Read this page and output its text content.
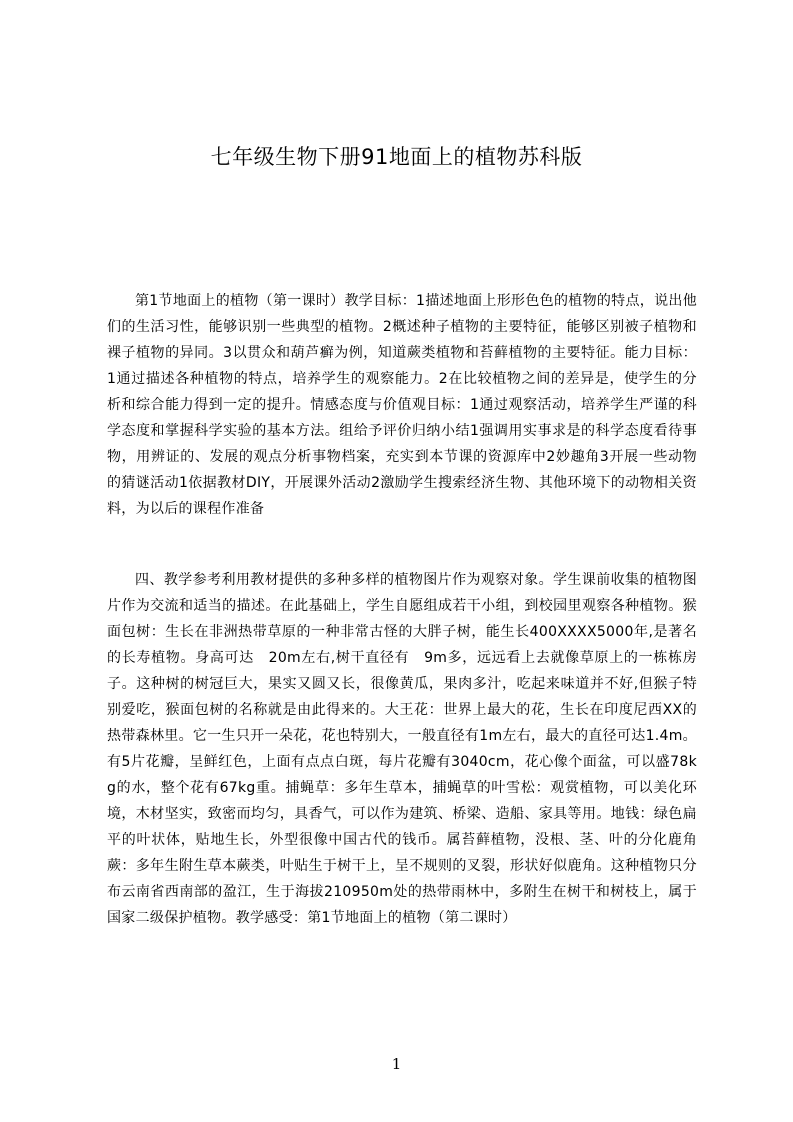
七年级生物下册91地面上的植物苏科版

第1节地面上的植物（第一课时）教学目标：1描述地面上形形色色的植物的特点，说出他们的生活习性，能够识别一些典型的植物。2概述种子植物的主要特征，能够区别被子植物和裸子植物的异同。3以贯众和葫芦癣为例，知道蕨类植物和苔藓植物的主要特征。能力目标：1通过描述各种植物的特点，培养学生的观察能力。2在比较植物之间的差异是，使学生的分析和综合能力得到一定的提升。情感态度与价值观目标：1通过观察活动，培养学生严谨的科学态度和掌握科学实验的基本方法。组给予评价归纳小结1强调用实事求是的科学态度看待事物，用辨证的、发展的观点分析事物档案，充实到本节课的资源库中2妙趣角3开展一些动物的猜谜活动1依据教材DIY，开展课外活动2激励学生搜索经济生物、其他环境下的动物相关资料，为以后的课程作准备

四、教学参考利用教材提供的多种多样的植物图片作为观察对象。学生课前收集的植物图片作为交流和适当的描述。在此基础上，学生自愿组成若干小组，到校园里观察各种植物。猴面包树：生长在非洲热带草原的一种非常古怪的大胖子树，能生长400XXXX5000年,是著名的长寿植物。身高可达　20m左右,树干直径有　9m多，远远看上去就像草原上的一栋栋房子。这种树的树冠巨大，果实又圆又长，很像黄瓜，果肉多汁，吃起来味道并不好,但猴子特别爱吃，猴面包树的名称就是由此得来的。大王花：世界上最大的花，生长在印度尼西XX的热带森林里。它一生只开一朵花，花也特别大，一般直径有1m左右，最大的直径可达1.4m。有5片花瓣，呈鲜红色，上面有点点白斑，每片花瓣有3040cm，花心像个面盆，可以盛78kg的水，整个花有67kg重。捕蝇草：多年生草本，捕蝇草的叶雪松：观赏植物，可以美化环境，木材坚实，致密而均匀，具香气，可以作为建筑、桥梁、造船、家具等用。地钱：绿色扁平的叶状体，贴地生长，外型很像中国古代的钱币。属苔藓植物，没根、茎、叶的分化鹿角蕨：多年生附生草本蕨类，叶贴生于树干上，呈不规则的叉裂，形状好似鹿角。这种植物只分布云南省西南部的盈江，生于海拔210950m处的热带雨林中，多附生在树干和树枝上，属于国家二级保护植物。教学感受：第1节地面上的植物（第二课时）

1
